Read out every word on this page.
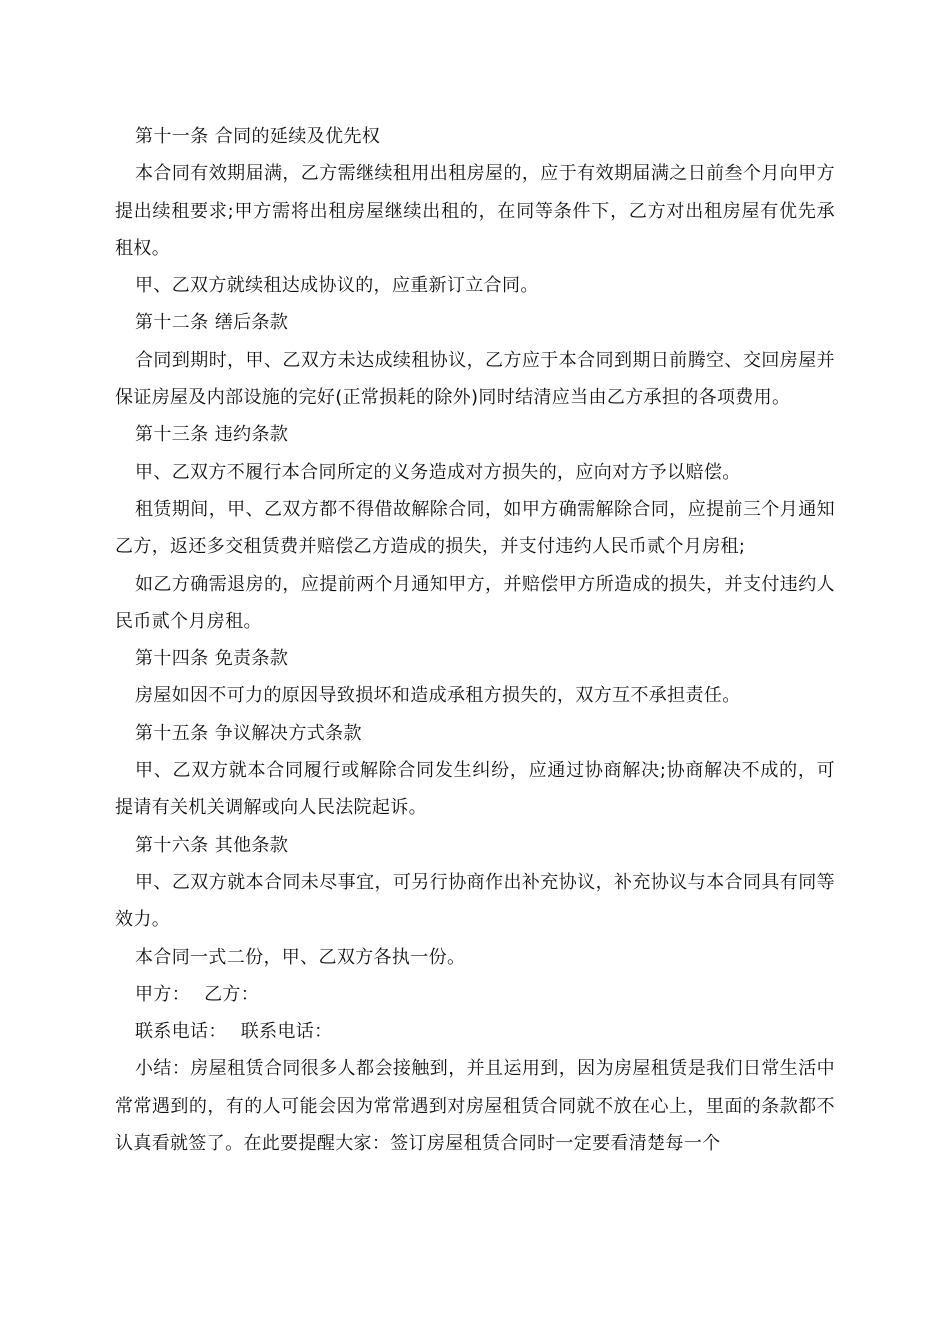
第十一条 合同的延续及优先权

本合同有效期届满，乙方需继续租用出租房屋的，应于有效期届满之日前叁个月向甲方提出续租要求;甲方需将出租房屋继续出租的，在同等条件下，乙方对出租房屋有优先承租权。

甲、乙双方就续租达成协议的，应重新订立合同。

第十二条 缮后条款

合同到期时，甲、乙双方未达成续租协议，乙方应于本合同到期日前腾空、交回房屋并保证房屋及内部设施的完好(正常损耗的除外)同时结清应当由乙方承担的各项费用。

第十三条 违约条款

甲、乙双方不履行本合同所定的义务造成对方损失的，应向对方予以赔偿。

租赁期间，甲、乙双方都不得借故解除合同，如甲方确需解除合同，应提前三个月通知乙方，返还多交租赁费并赔偿乙方造成的损失，并支付违约人民币贰个月房租;

如乙方确需退房的，应提前两个月通知甲方，并赔偿甲方所造成的损失，并支付违约人民币贰个月房租。

第十四条 免责条款

房屋如因不可力的原因导致损坏和造成承租方损失的，双方互不承担责任。

第十五条 争议解决方式条款

甲、乙双方就本合同履行或解除合同发生纠纷，应通过协商解决;协商解决不成的，可提请有关机关调解或向人民法院起诉。

第十六条 其他条款

甲、乙双方就本合同未尽事宜，可另行协商作出补充协议，补充协议与本合同具有同等效力。

本合同一式二份，甲、乙双方各执一份。

甲方： 乙方：

联系电话： 联系电话：

小结：房屋租赁合同很多人都会接触到，并且运用到，因为房屋租赁是我们日常生活中常常遇到的，有的人可能会因为常常遇到对房屋租赁合同就不放在心上，里面的条款都不认真看就签了。在此要提醒大家：签订房屋租赁合同时一定要看清楚每一个
